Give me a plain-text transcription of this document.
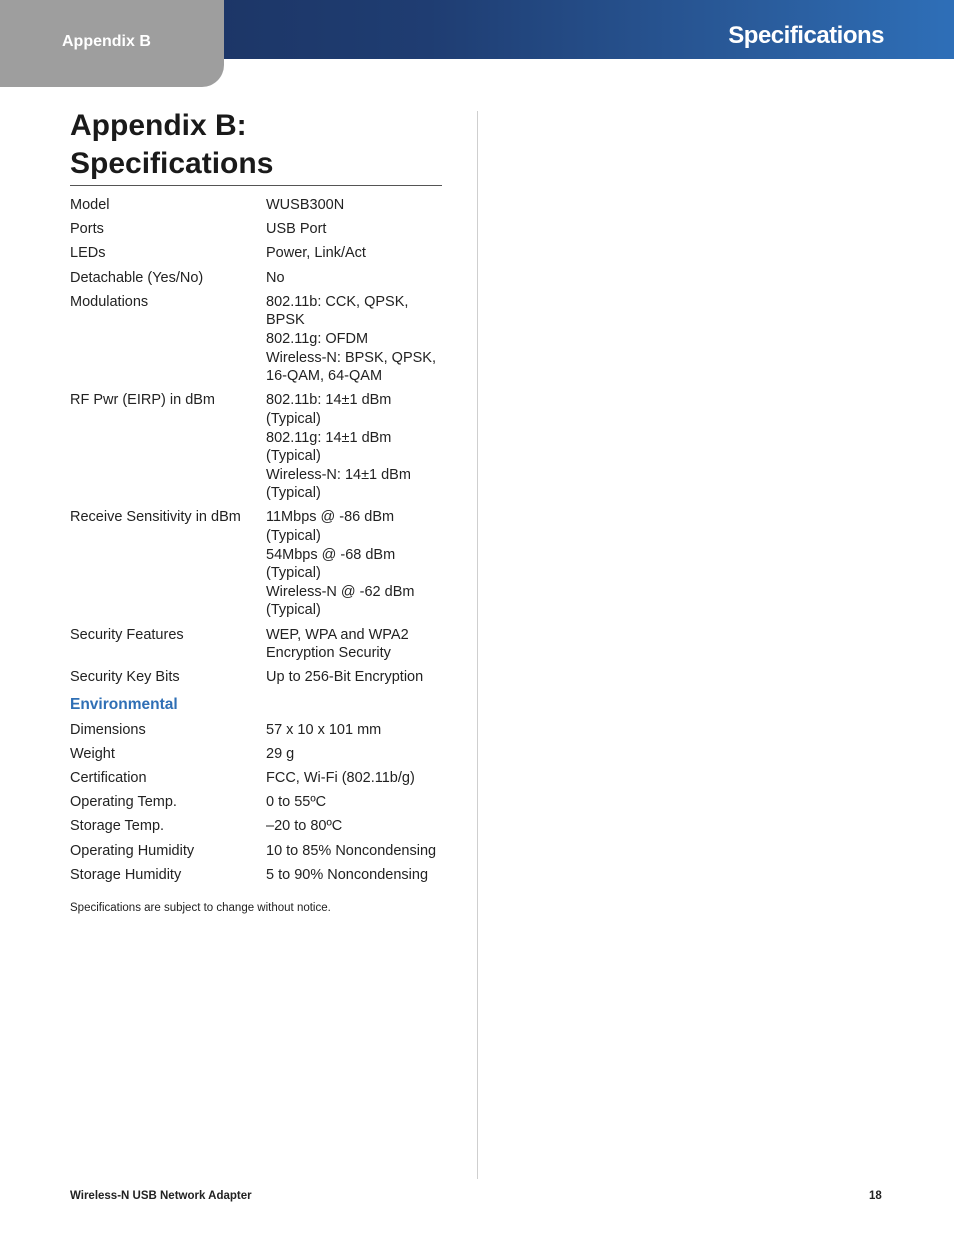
Appendix B	Specifications
Appendix B:
Specifications
Model	WUSB300N
Ports	USB Port
LEDs	Power, Link/Act
Detachable (Yes/No)	No
Modulations	802.11b: CCK, QPSK, BPSK
802.11g: OFDM
Wireless-N: BPSK, QPSK,
16-QAM, 64-QAM
RF Pwr (EIRP) in dBm	802.11b: 14±1 dBm
(Typical)
802.11g: 14±1 dBm
(Typical)
Wireless-N: 14±1 dBm
(Typical)
Receive Sensitivity in dBm	11Mbps @ -86 dBm
(Typical)
54Mbps @ -68 dBm
(Typical)
Wireless-N @ -62 dBm
(Typical)
Security Features	WEP, WPA and WPA2
Encryption Security
Security Key Bits	Up to 256-Bit Encryption
Environmental
Dimensions	57 x 10 x 101 mm
Weight	29 g
Certification	FCC, Wi-Fi (802.11b/g)
Operating Temp.	0 to 55ºC
Storage Temp.	–20 to 80ºC
Operating Humidity	10 to 85% Noncondensing
Storage Humidity	5 to 90% Noncondensing
Specifications are subject to change without notice.
Wireless-N USB Network Adapter	18
